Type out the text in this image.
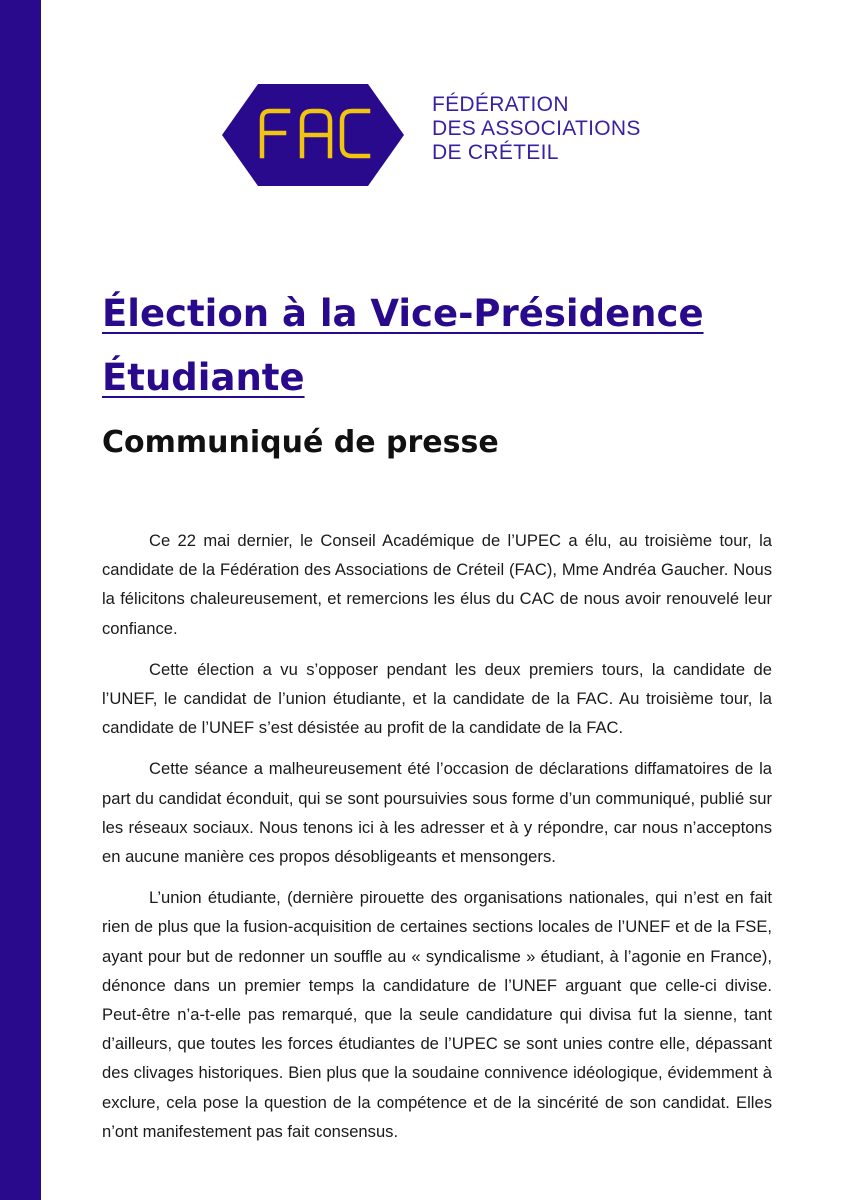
FAC
FÉDÉRATION
DES ASSOCIATIONS
DE CRÉTEIL
Élection à la Vice-Présidence
Étudiante
Communiqué de presse

Ce 22 mai dernier, le Conseil Académique de l’UPEC a élu, au troisième tour, la candidate de la Fédération des Associations de Créteil (FAC), Mme Andréa Gaucher. Nous la félicitons chaleureusement, et remercions les élus du CAC de nous avoir renouvelé leur confiance.

Cette élection a vu s’opposer pendant les deux premiers tours, la candidate de l’UNEF, le candidat de l’union étudiante, et la candidate de la FAC. Au troisième tour, la candidate de l’UNEF s’est désistée au profit de la candidate de la FAC.

Cette séance a malheureusement été l’occasion de déclarations diffamatoires de la part du candidat éconduit, qui se sont poursuivies sous forme d’un communiqué, publié sur les réseaux sociaux. Nous tenons ici à les adresser et à y répondre, car nous n’acceptons en aucune manière ces propos désobligeants et mensongers.

L’union étudiante, (dernière pirouette des organisations nationales, qui n’est en fait rien de plus que la fusion-acquisition de certaines sections locales de l’UNEF et de la FSE, ayant pour but de redonner un souffle au « syndicalisme » étudiant, à l’agonie en France), dénonce dans un premier temps la candidature de l’UNEF arguant que celle-ci divise. Peut-être n’a-t-elle pas remarqué, que la seule candidature qui divisa fut la sienne, tant d’ailleurs, que toutes les forces étudiantes de l’UPEC se sont unies contre elle, dépassant des clivages historiques. Bien plus que la soudaine connivence idéologique, évidemment à exclure, cela pose la question de la compétence et de la sincérité de son candidat. Elles n’ont manifestement pas fait consensus.
